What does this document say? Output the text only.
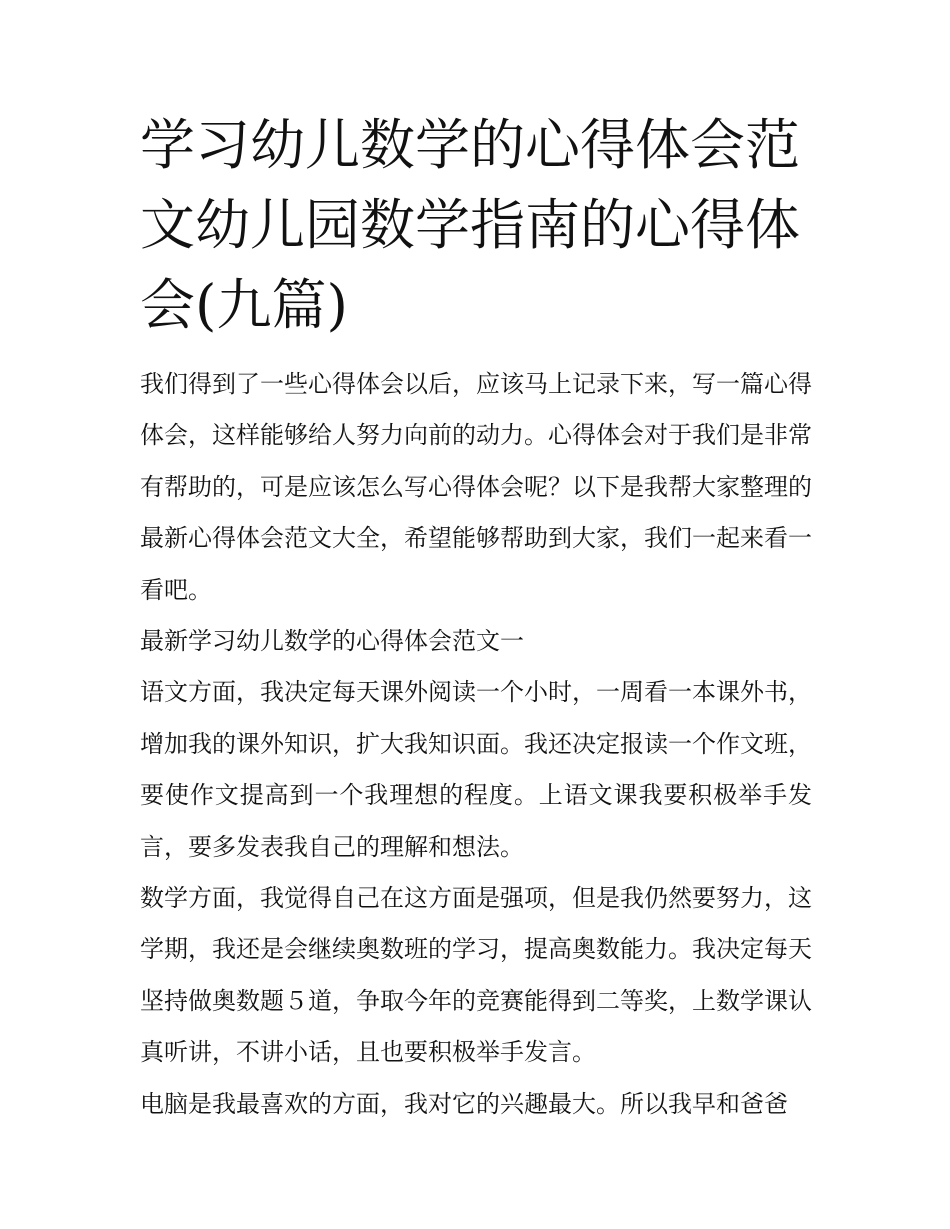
学习幼儿数学的心得体会范文幼儿园数学指南的心得体会(九篇)

我们得到了一些心得体会以后，应该马上记录下来，写一篇心得体会，这样能够给人努力向前的动力。心得体会对于我们是非常有帮助的，可是应该怎么写心得体会呢？以下是我帮大家整理的最新心得体会范文大全，希望能够帮助到大家，我们一起来看一看吧。

最新学习幼儿数学的心得体会范文一

语文方面，我决定每天课外阅读一个小时，一周看一本课外书，增加我的课外知识，扩大我知识面。我还决定报读一个作文班，要使作文提高到一个我理想的程度。上语文课我要积极举手发言，要多发表我自己的理解和想法。

数学方面，我觉得自己在这方面是强项，但是我仍然要努力，这学期，我还是会继续奥数班的学习，提高奥数能力。我决定每天坚持做奥数题５道，争取今年的竞赛能得到二等奖，上数学课认真听讲，不讲小话，且也要积极举手发言。

电脑是我最喜欢的方面，我对它的兴趣最大。所以我早和爸爸
